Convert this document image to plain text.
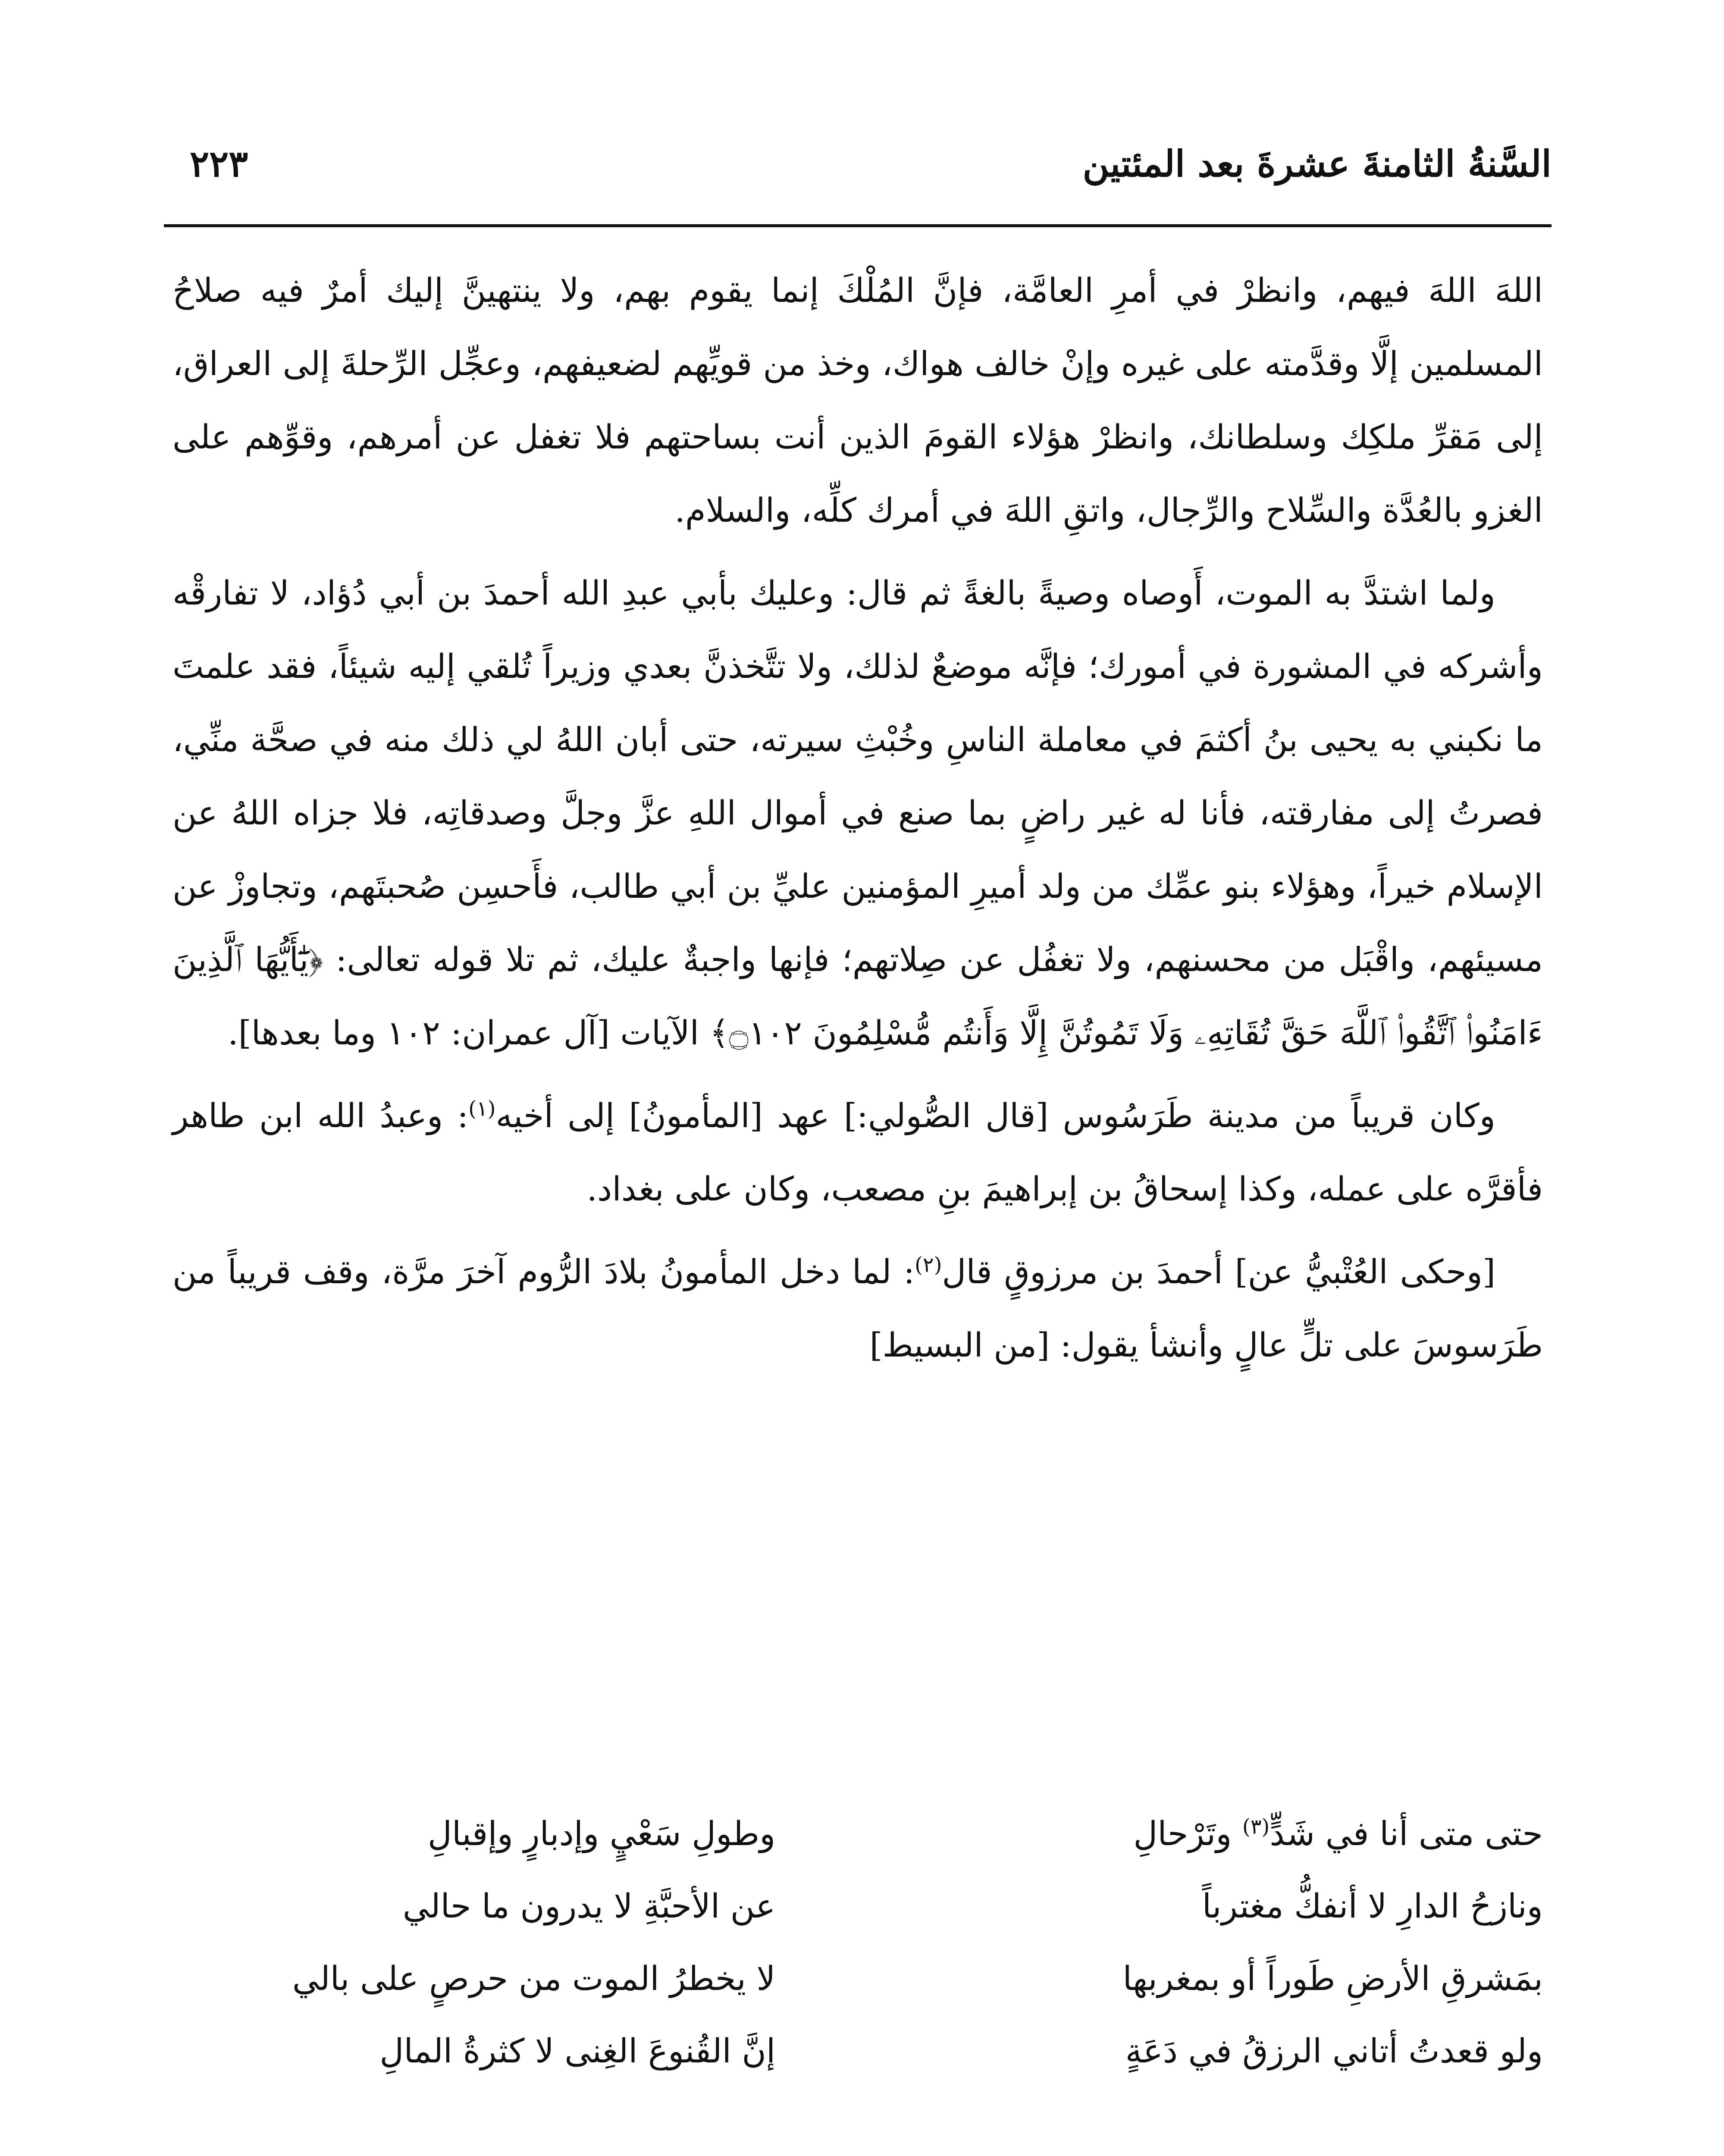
السَّنةُ الثامنةَ عشرةَ بعد المئتين
٢٢٣

اللهَ اللهَ فيهم، وانظرْ في أمرِ العامَّة، فإنَّ المُلْكَ إنما يقوم بهم، ولا ينتهينَّ إليك أمرٌ فيه صلاحُ المسلمين إلَّا وقدَّمته على غيره وإنْ خالف هواك، وخذ من قويِّهم لضعيفهم، وعجِّل الرِّحلةَ إلى العراق، إلى مَقرِّ ملكِك وسلطانك، وانظرْ هؤلاء القومَ الذين أنت بساحتهم فلا تغفل عن أمرهم، وقوِّهم على الغزو بالعُدَّة والسِّلاح والرِّجال، واتقِ اللهَ في أمرك كلِّه، والسلام.

ولما اشتدَّ به الموت، أَوصاه وصيةً بالغةً ثم قال: وعليك بأبي عبدِ الله أحمدَ بن أبي دُؤاد، لا تفارقْه وأشركه في المشورة في أمورك؛ فإنَّه موضعٌ لذلك، ولا تتَّخذنَّ بعدي وزيراً تُلقي إليه شيئاً، فقد علمتَ ما نكبني به يحيى بنُ أكثمَ في معاملة الناسِ وخُبْثِ سيرته، حتى أبان اللهُ لي ذلك منه في صحَّة منِّي، فصرتُ إلى مفارقته، فأنا له غير راضٍ بما صنع في أموال اللهِ عزَّ وجلَّ وصدقاتِه، فلا جزاه اللهُ عن الإسلام خيراً، وهؤلاء بنو عمِّك من ولد أميرِ المؤمنين عليِّ بن أبي طالب، فأَحسِن صُحبتَهم، وتجاوزْ عن مسيئهم، واقْبَل من محسنهم، ولا تغفُل عن صِلاتهم؛ فإنها واجبةٌ عليك، ثم تلا قوله تعالى: ﴿يَٰٓأَيُّهَا ٱلَّذِينَ ءَامَنُوا۟ ٱتَّقُوا۟ ٱللَّهَ حَقَّ تُقَاتِهِۦ وَلَا تَمُوتُنَّ إِلَّا وَأَنتُم مُّسْلِمُونَ ۝١٠٢﴾ الآيات [آل عمران: ١٠٢ وما بعدها].

وكان قريباً من مدينة طَرَسُوس [قال الصُّولي:] عهد [المأمونُ] إلى أخيه$^{(١)}$: وعبدُ الله ابن طاهر فأقرَّه على عمله، وكذا إسحاقُ بن إبراهيمَ بنِ مصعب، وكان على بغداد.

[وحكى العُتْبيُّ عن] أحمدَ بن مرزوقٍ قال$^{(٢)}$: لما دخل المأمونُ بلادَ الرُّوم آخرَ مرَّة، وقف قريباً من طَرَسوسَ على تلٍّ عالٍ وأنشأ يقول: [من البسيط]

حتى متى أنا في شَدٍّ$^{(٣)}$ وتَرْحالِ
وطولِ سَعْيٍ وإدبارٍ وإقبالِ
ونازحُ الدارِ لا أنفكُّ مغترباً
عن الأحبَّةِ لا يدرون ما حالي
بمَشرقِ الأرضِ طَوراً أو بمغربها
لا يخطرُ الموت من حرصٍ على بالي
ولو قعدتُ أتاني الرزقُ في دَعَةٍ
إنَّ القُنوعَ الغِنى لا كثرةُ المالِ
